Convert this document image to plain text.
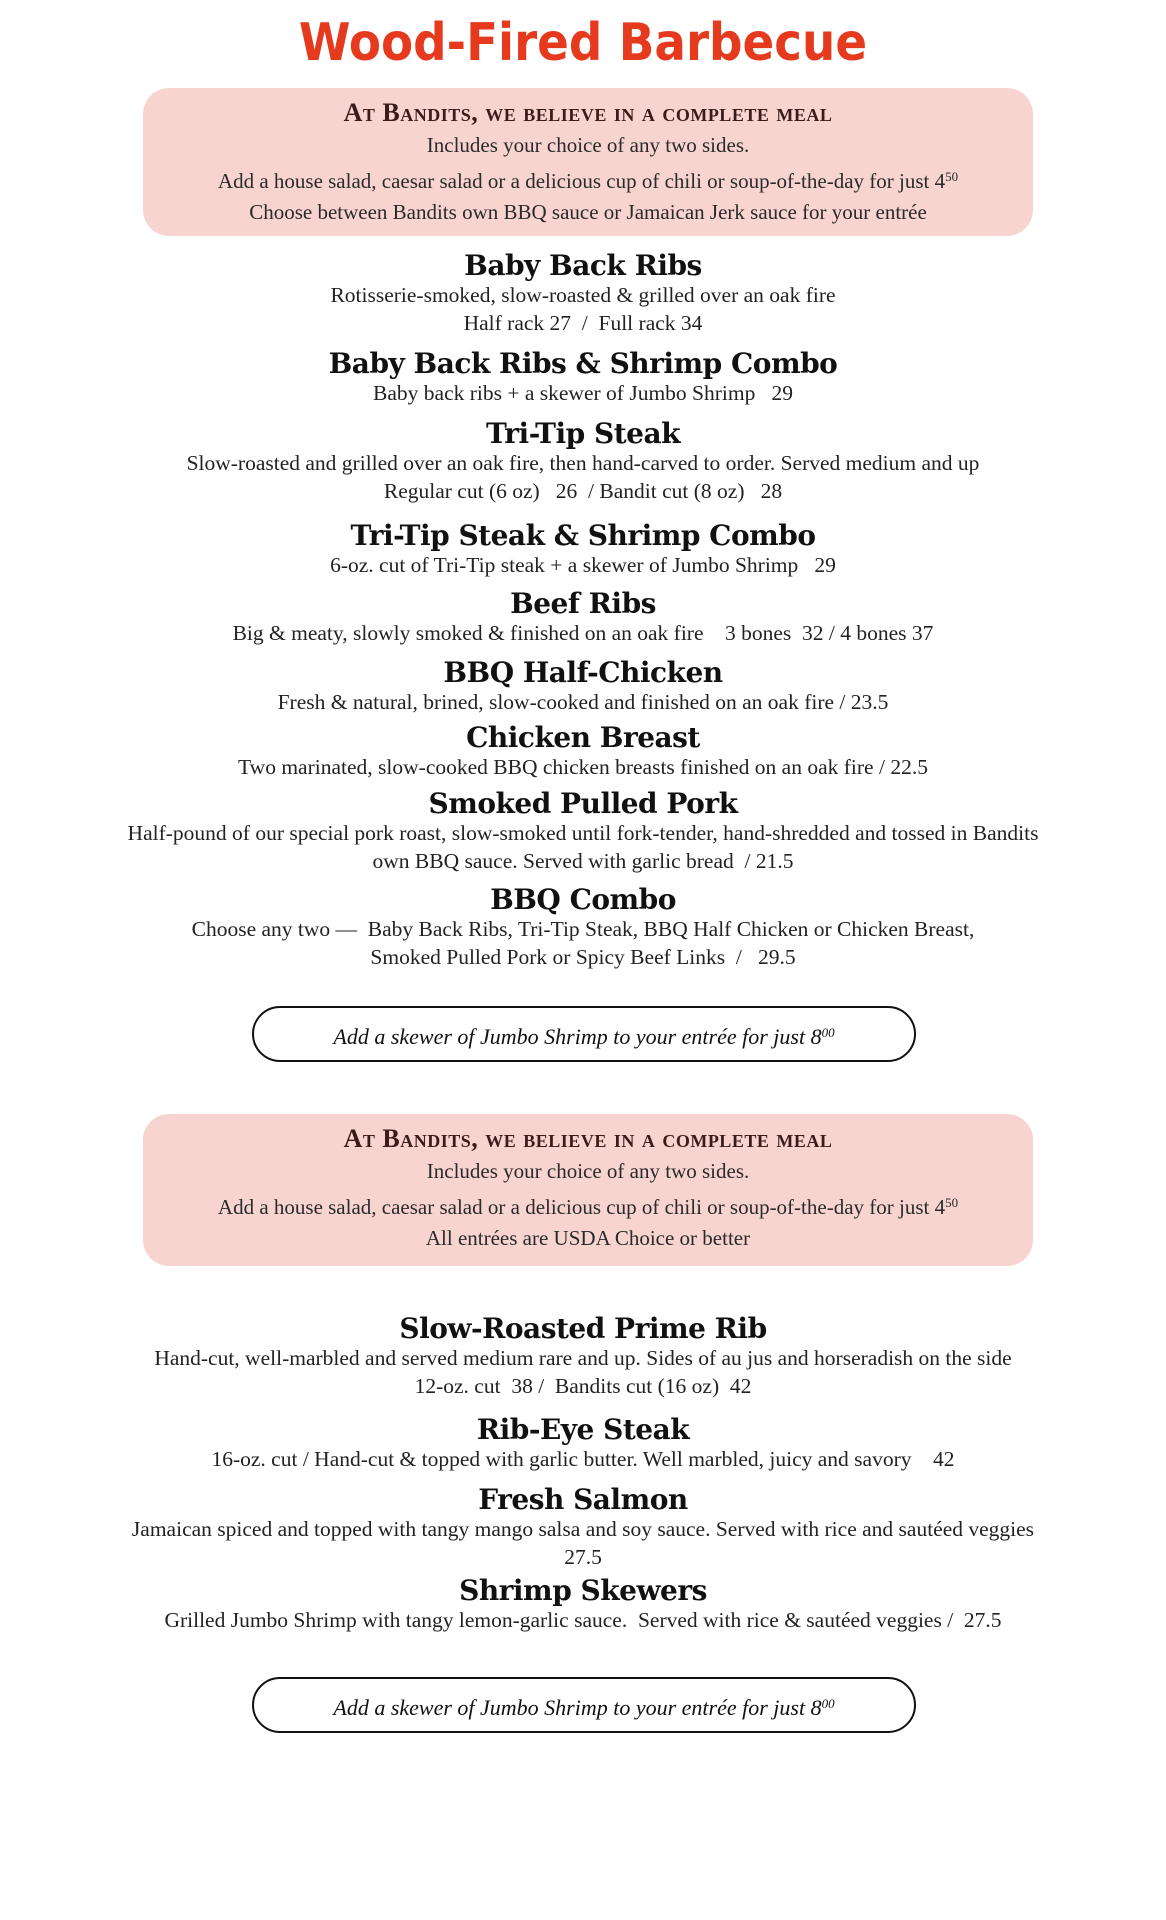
Wood-Fired Barbecue
At Bandits, we believe in a complete meal
Includes your choice of any two sides.
Add a house salad, caesar salad or a delicious cup of chili or soup-of-the-day for just $4^{50}$
Choose between Bandits own BBQ sauce or Jamaican Jerk sauce for your entrée
Baby Back Ribs
Rotisserie-smoked, slow-roasted & grilled over an oak fire
Half rack 27  /  Full rack 34
Baby Back Ribs & Shrimp Combo
Baby back ribs + a skewer of Jumbo Shrimp   29
Tri-Tip Steak
Slow-roasted and grilled over an oak fire, then hand-carved to order. Served medium and up
Regular cut (6 oz)   26  / Bandit cut (8 oz)   28
Tri-Tip Steak & Shrimp Combo
6-oz. cut of Tri-Tip steak + a skewer of Jumbo Shrimp   29
Beef Ribs
Big & meaty, slowly smoked & finished on an oak fire    3 bones  32 / 4 bones 37
BBQ Half-Chicken
Fresh & natural, brined, slow-cooked and finished on an oak fire / 23.5
Chicken Breast
Two marinated, slow-cooked BBQ chicken breasts finished on an oak fire / 22.5
Smoked Pulled Pork
Half-pound of our special pork roast, slow-smoked until fork-tender, hand-shredded and tossed in Bandits
own BBQ sauce. Served with garlic bread  / 21.5
BBQ Combo
Choose any two —  Baby Back Ribs, Tri-Tip Steak, BBQ Half Chicken or Chicken Breast,
Smoked Pulled Pork or Spicy Beef Links  /   29.5
Add a skewer of Jumbo Shrimp to your entrée for just $8^{00}$
At Bandits, we believe in a complete meal
Includes your choice of any two sides.
Add a house salad, caesar salad or a delicious cup of chili or soup-of-the-day for just $4^{50}$
All entrées are USDA Choice or better
Slow-Roasted Prime Rib
Hand-cut, well-marbled and served medium rare and up. Sides of au jus and horseradish on the side
12-oz. cut  38 /  Bandits cut (16 oz)  42
Rib-Eye Steak
16-oz. cut / Hand-cut & topped with garlic butter. Well marbled, juicy and savory    42
Fresh Salmon
Jamaican spiced and topped with tangy mango salsa and soy sauce. Served with rice and sautéed veggies
27.5
Shrimp Skewers
Grilled Jumbo Shrimp with tangy lemon-garlic sauce.  Served with rice & sautéed veggies /  27.5
Add a skewer of Jumbo Shrimp to your entrée for just $8^{00}$
